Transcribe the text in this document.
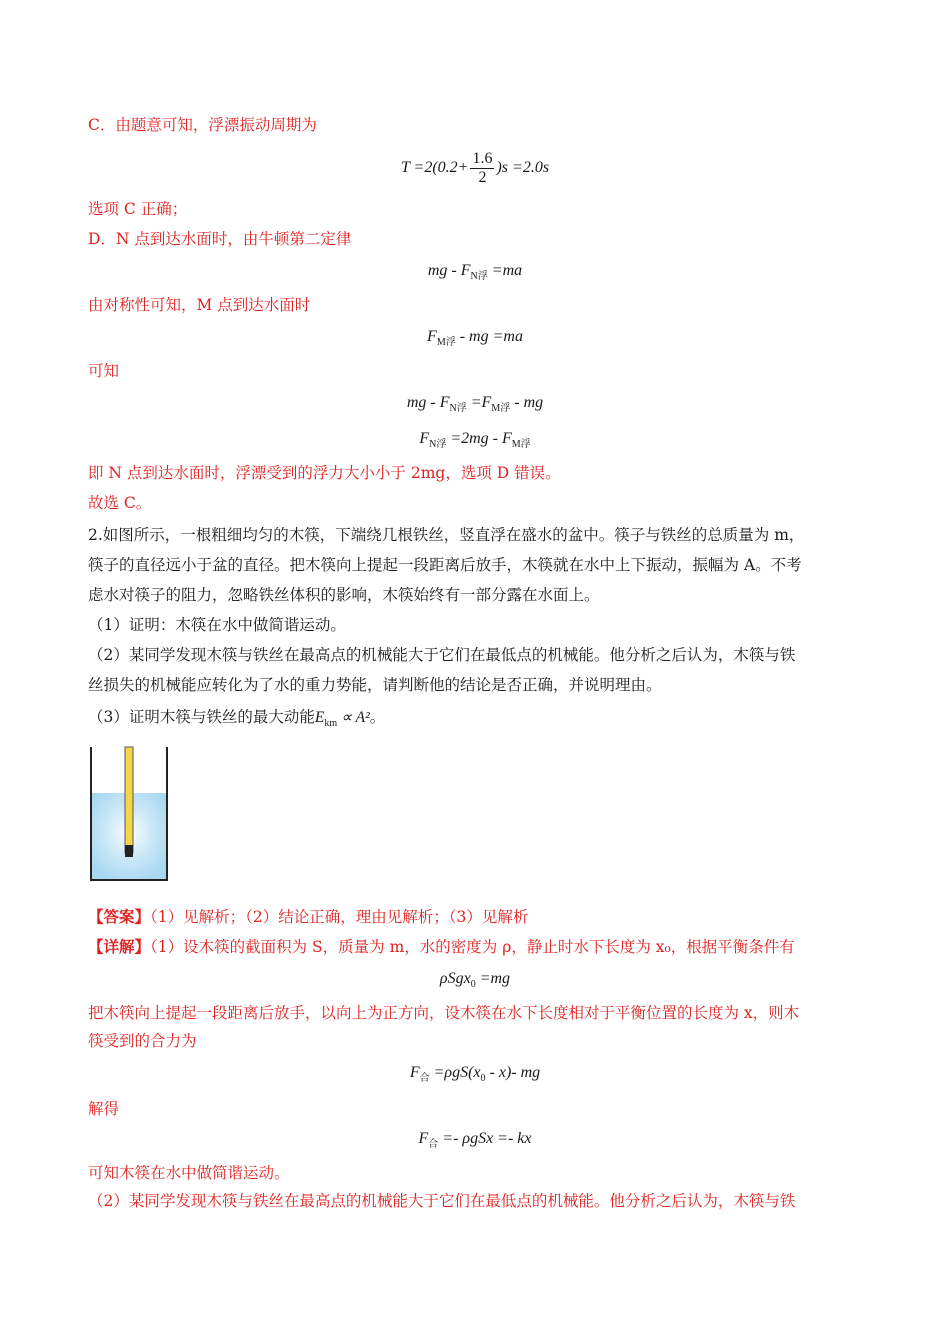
C．由题意可知，浮漂振动周期为
$T =2(0.2+ \frac{1.6}{2} )s =2.0s$
选项 C 正确；
D．N 点到达水面时，由牛顿第二定律
mg - $F_{N浮} =ma$
由对称性可知，M 点到达水面时
$F_{M浮}$ - mg =ma
可知
mg - $F_{N浮} =F_{M浮}$ - mg
$F_{N浮} =2mg - F_{M浮}$
即 N 点到达水面时，浮漂受到的浮力大小小于 2mg，选项 D 错误。
故选 C。
2.如图所示，一根粗细均匀的木筷，下端绕几根铁丝，竖直浮在盛水的盆中。筷子与铁丝的总质量为 m，
筷子的直径远小于盆的直径。把木筷向上提起一段距离后放手，木筷就在水中上下振动，振幅为 A。不考
虑水对筷子的阻力，忽略铁丝体积的影响，木筷始终有一部分露在水面上。
（1）证明：木筷在水中做简谐运动。
（2）某同学发现木筷与铁丝在最高点的机械能大于它们在最低点的机械能。他分析之后认为，木筷与铁
丝损失的机械能应转化为了水的重力势能，请判断他的结论是否正确，并说明理由。
（3）证明木筷与铁丝的最大动能$E_{km} \propto A^2$。
【答案】（1）见解析；（2）结论正确，理由见解析；（3）见解析
【详解】（1）设木筷的截面积为 S，质量为 m，水的密度为 ρ，静止时水下长度为 x₀，根据平衡条件有
ρSgx$_0$ =mg
把木筷向上提起一段距离后放手，以向上为正方向，设木筷在水下长度相对于平衡位置的长度为 x，则木
筷受到的合力为
$F_合 =\rho gS(x_0 - x)-$ mg
解得
$F_合 =- \rho gSx$ =- kx
可知木筷在水中做简谐运动。
（2）某同学发现木筷与铁丝在最高点的机械能大于它们在最低点的机械能。他分析之后认为，木筷与铁
